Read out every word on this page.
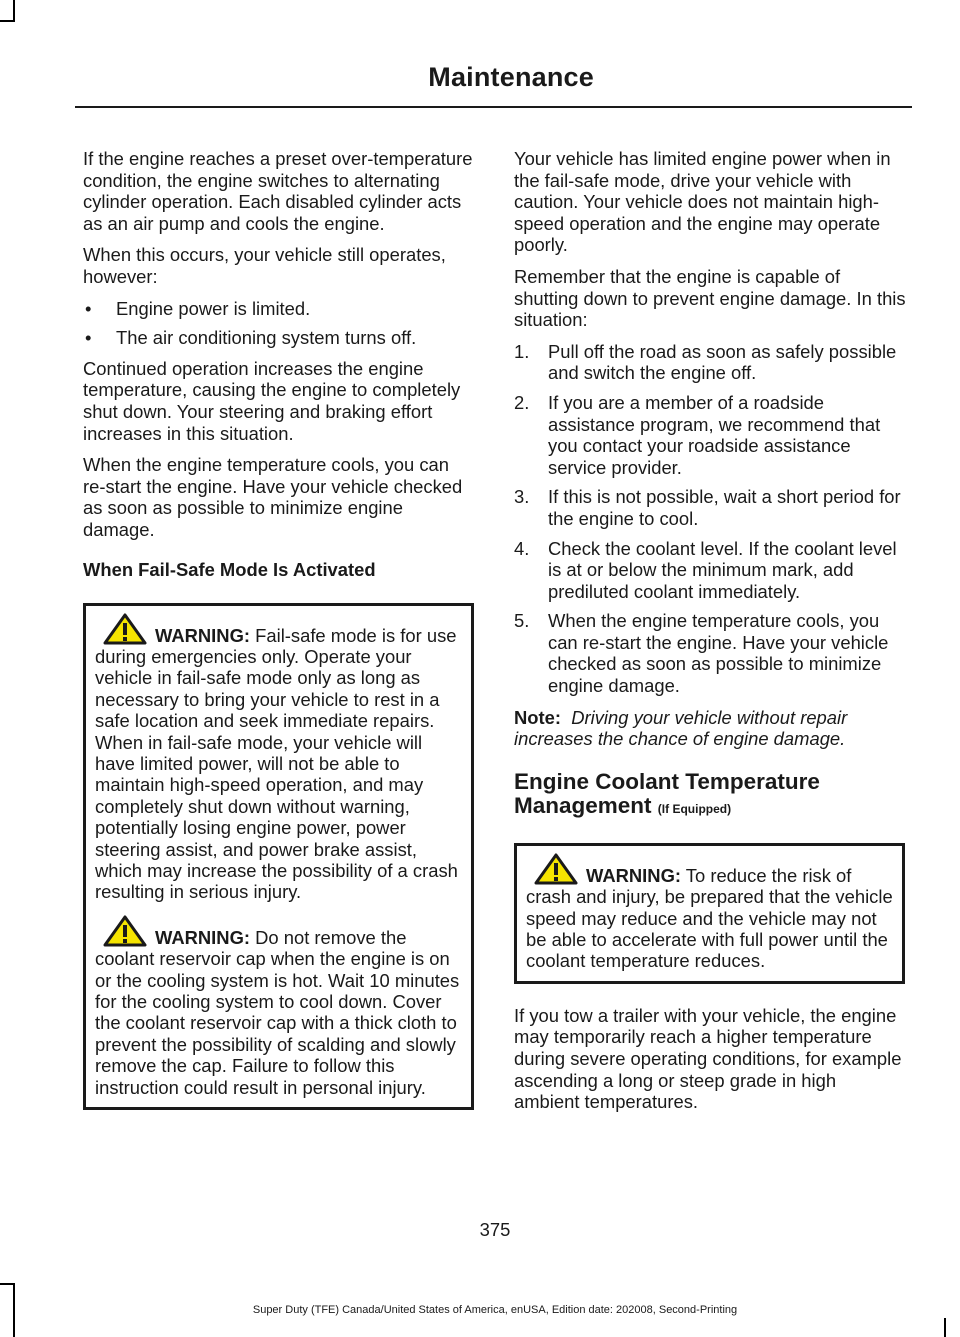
Maintenance

If the engine reaches a preset over-temperature condition, the engine switches to alternating cylinder operation. Each disabled cylinder acts as an air pump and cools the engine.

When this occurs, your vehicle still operates, however:

• Engine power is limited.
• The air conditioning system turns off.

Continued operation increases the engine temperature, causing the engine to completely shut down. Your steering and braking effort increases in this situation.

When the engine temperature cools, you can re-start the engine. Have your vehicle checked as soon as possible to minimize engine damage.

When Fail-Safe Mode Is Activated

WARNING: Fail-safe mode is for use during emergencies only. Operate your vehicle in fail-safe mode only as long as necessary to bring your vehicle to rest in a safe location and seek immediate repairs. When in fail-safe mode, your vehicle will have limited power, will not be able to maintain high-speed operation, and may completely shut down without warning, potentially losing engine power, power steering assist, and power brake assist, which may increase the possibility of a crash resulting in serious injury.

WARNING: Do not remove the coolant reservoir cap when the engine is on or the cooling system is hot. Wait 10 minutes for the cooling system to cool down. Cover the coolant reservoir cap with a thick cloth to prevent the possibility of scalding and slowly remove the cap. Failure to follow this instruction could result in personal injury.

Your vehicle has limited engine power when in the fail-safe mode, drive your vehicle with caution. Your vehicle does not maintain high-speed operation and the engine may operate poorly.

Remember that the engine is capable of shutting down to prevent engine damage. In this situation:

1. Pull off the road as soon as safely possible and switch the engine off.
2. If you are a member of a roadside assistance program, we recommend that you contact your roadside assistance service provider.
3. If this is not possible, wait a short period for the engine to cool.
4. Check the coolant level. If the coolant level is at or below the minimum mark, add prediluted coolant immediately.
5. When the engine temperature cools, you can re-start the engine. Have your vehicle checked as soon as possible to minimize engine damage.

Note: Driving your vehicle without repair increases the chance of engine damage.

Engine Coolant Temperature Management (If Equipped)

WARNING: To reduce the risk of crash and injury, be prepared that the vehicle speed may reduce and the vehicle may not be able to accelerate with full power until the coolant temperature reduces.

If you tow a trailer with your vehicle, the engine may temporarily reach a higher temperature during severe operating conditions, for example ascending a long or steep grade in high ambient temperatures.

375
Super Duty (TFE) Canada/United States of America, enUSA, Edition date: 202008, Second-Printing
